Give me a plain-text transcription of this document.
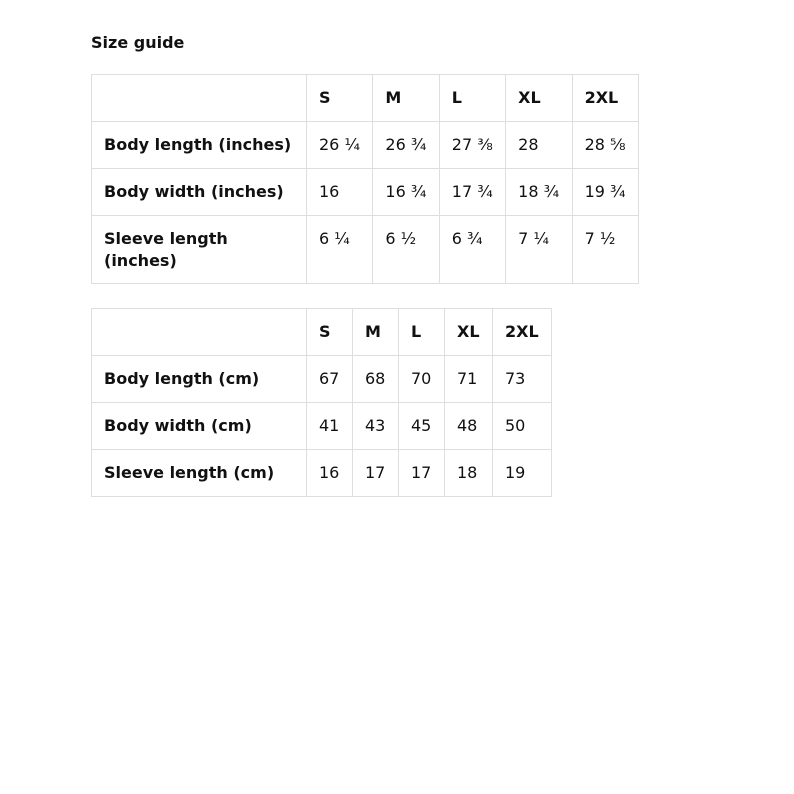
Size guide
	S	M	L	XL	2XL
Body length (inches)	26 ¼	26 ¾	27 ⅜	28	28 ⅝
Body width (inches)	16	16 ¾	17 ¾	18 ¾	19 ¾
Sleeve length (inches)	6 ¼	6 ½	6 ¾	7 ¼	7 ½
	S	M	L	XL	2XL
Body length (cm)	67	68	70	71	73
Body width (cm)	41	43	45	48	50
Sleeve length (cm)	16	17	17	18	19
